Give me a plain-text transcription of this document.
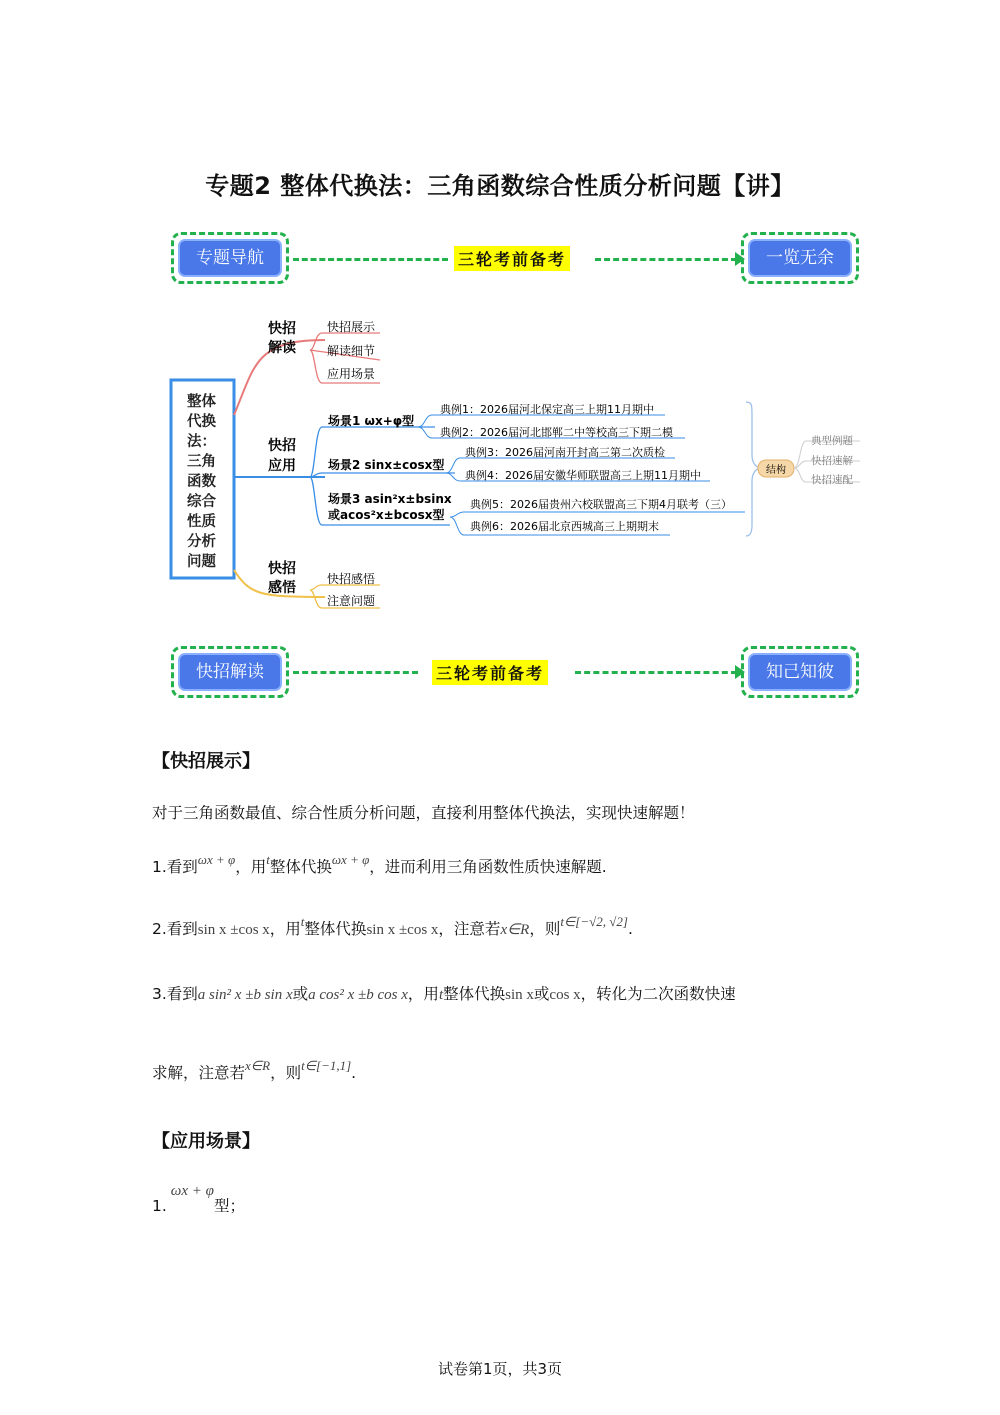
专题2 整体代换法：三角函数综合性质分析问题【讲】
专题导航	三轮考前备考	一览无余
整体
代换
法：
三角
函数
综合
性质
分析
问题
快招
解读
快招展示
解读细节
应用场景
快招
应用
场景1 ωx+φ型
场景2 sinx±cosx型
场景3 asin²x±bsinx
或acos²x±bcosx型
典例1：2026届河北保定高三上期11月期中
典例2：2026届河北邯郸二中等校高三下期二模
典例3：2026届河南开封高三第二次质检
典例4：2026届安徽华师联盟高三上期11月期中
典例5：2026届贵州六校联盟高三下期4月联考（三）
典例6：2026届北京西城高三上期期末
快招
感悟
快招感悟
注意问题
结构
典型例题
快招速解
快招速配
快招解读	三轮考前备考	知己知彼
【快招展示】
对于三角函数最值、综合性质分析问题，直接利用整体代换法，实现快速解题！
1.看到$^{\omega x + \varphi}$，用$^t$整体代换$^{\omega x + \varphi}$，进而利用三角函数性质快速解题.
2.看到sin x ±cos x，用$^t$整体代换sin x ±cos x，注意若x∈R，则$^{t\in[-√2, √2]}$.
3.看到a sin² x ±b sin x或a cos² x ±b cos x，用t整体代换sin x或cos x，转化为二次函数快速
求解，注意若$^{x\in R}$，则$^{t\in[-1,1]}$.
【应用场景】
1.ωx + φ型；
试卷第1页，共3页
